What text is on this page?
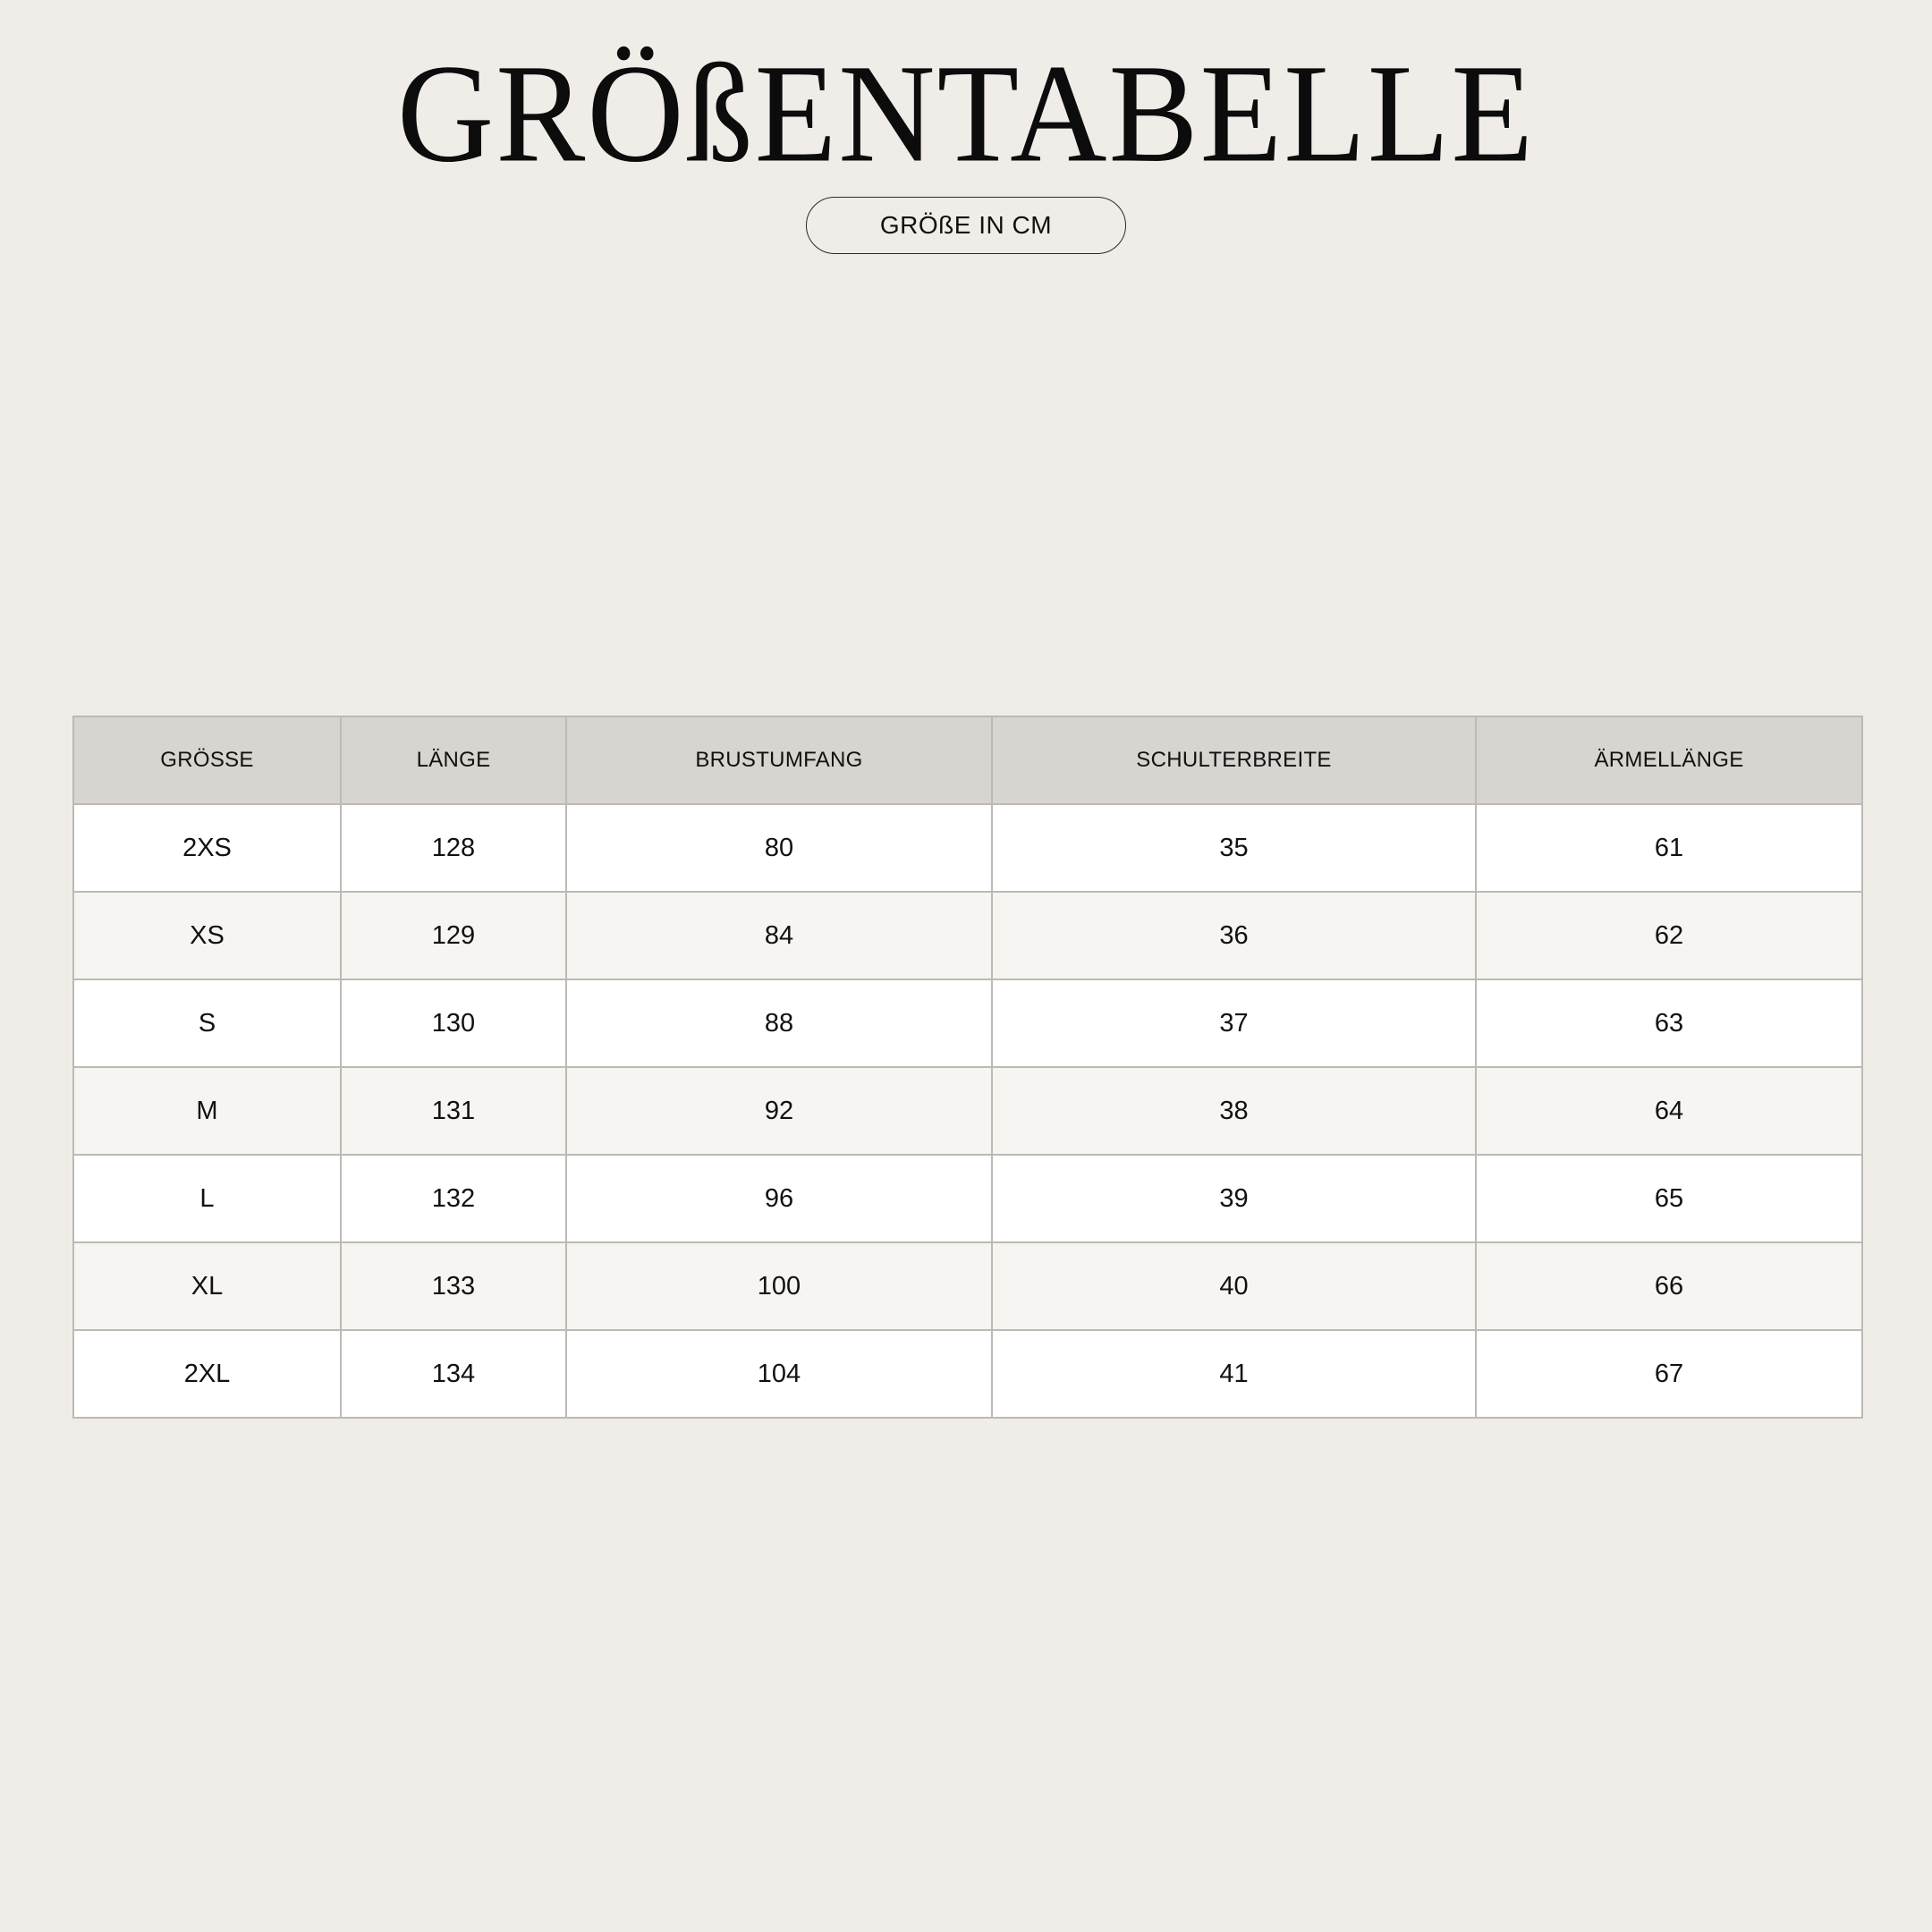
GRÖßENTABELLE
GRÖßE IN CM
GRÖSSE	LÄNGE	BRUSTUMFANG	SCHULTERBREITE	ÄRMELLÄNGE
2XS	128	80	35	61
XS	129	84	36	62
S	130	88	37	63
M	131	92	38	64
L	132	96	39	65
XL	133	100	40	66
2XL	134	104	41	67
